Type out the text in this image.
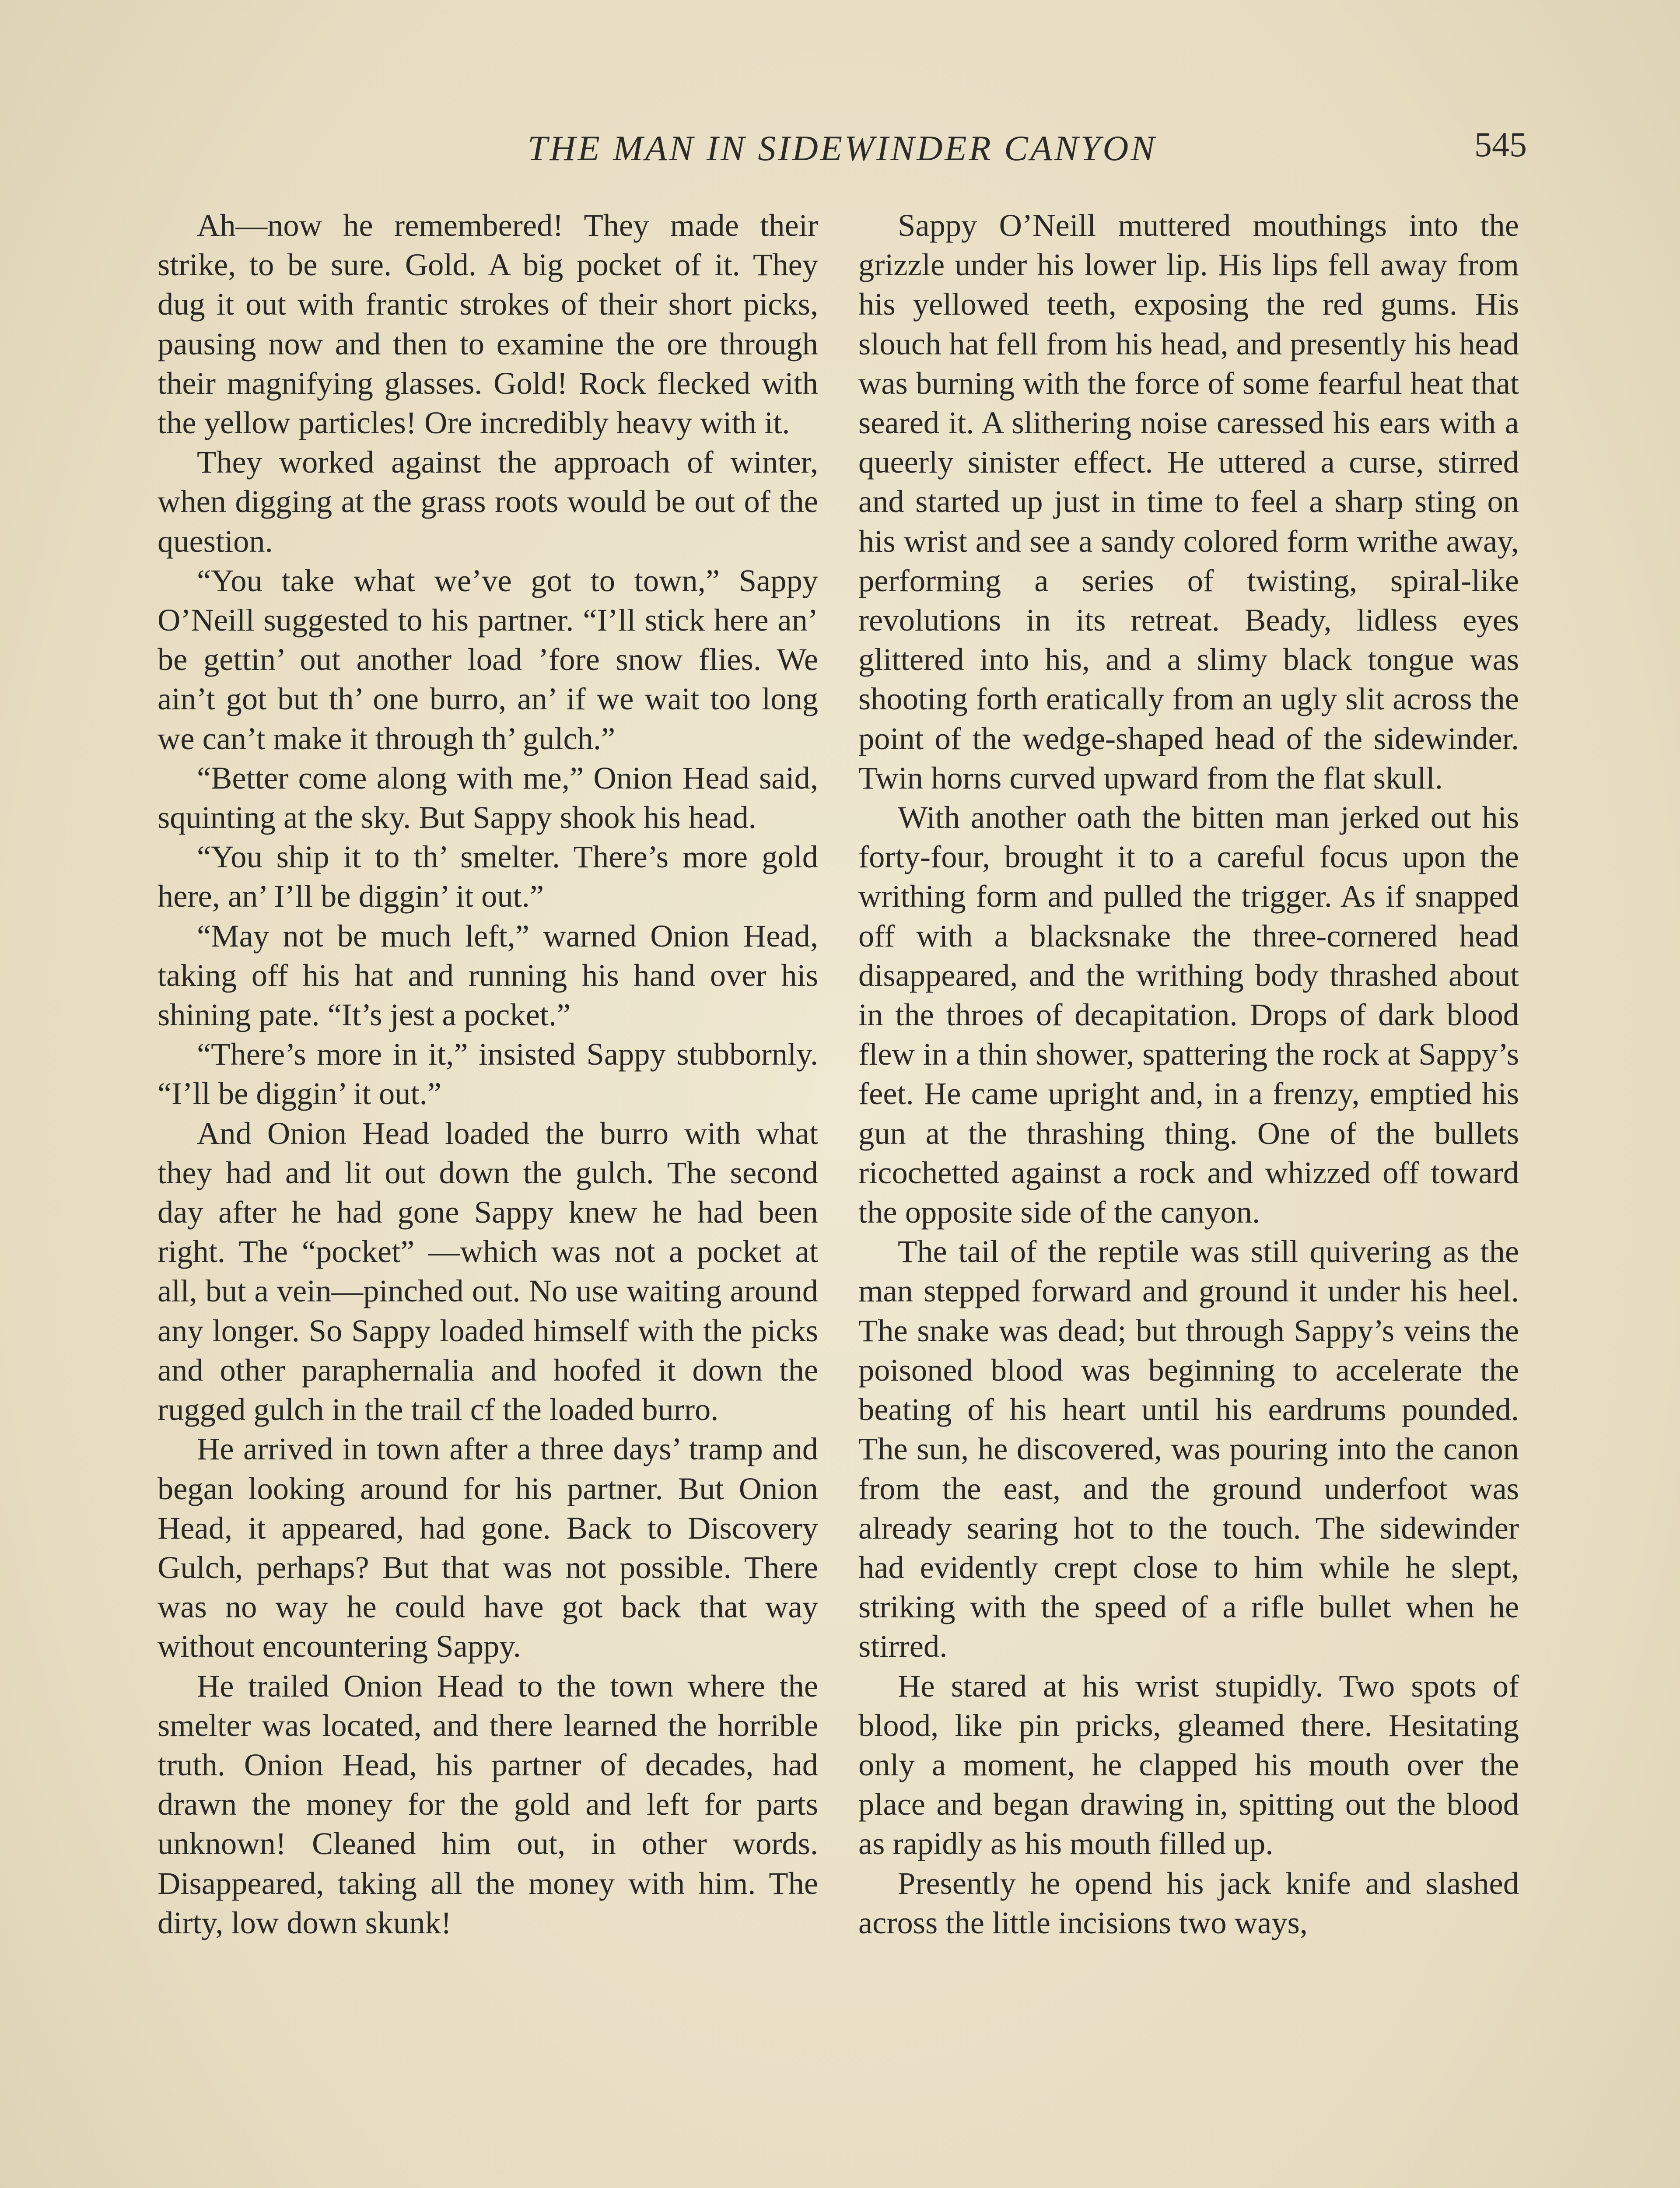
THE MAN IN SIDEWINDER CANYON	545

Ah—now he remembered! They made their strike, to be sure. Gold. A big pocket of it. They dug it out with frantic strokes of their short picks, pausing now and then to examine the ore through their magnifying glasses. Gold! Rock flecked with the yellow particles! Ore incredibly heavy with it.

They worked against the approach of winter, when digging at the grass roots would be out of the question.

“You take what we’ve got to town,” Sappy O’Neill suggested to his partner. “I’ll stick here an’ be gettin’ out another load ’fore snow flies. We ain’t got but th’ one burro, an’ if we wait too long we can’t make it through th’ gulch.”

“Better come along with me,” Onion Head said, squinting at the sky. But Sappy shook his head.

“You ship it to th’ smelter. There’s more gold here, an’ I’ll be diggin’ it out.”

“May not be much left,” warned Onion Head, taking off his hat and running his hand over his shining pate. “It’s jest a pocket.”

“There’s more in it,” insisted Sappy stubbornly. “I’ll be diggin’ it out.”

And Onion Head loaded the burro with what they had and lit out down the gulch. The second day after he had gone Sappy knew he had been right. The “pocket” —which was not a pocket at all, but a vein—pinched out. No use waiting around any longer. So Sappy loaded himself with the picks and other paraphernalia and hoofed it down the rugged gulch in the trail cf the loaded burro.

He arrived in town after a three days’ tramp and began looking around for his partner. But Onion Head, it appeared, had gone. Back to Discovery Gulch, perhaps? But that was not possible. There was no way he could have got back that way without encountering Sappy.

He trailed Onion Head to the town where the smelter was located, and there learned the horrible truth. Onion Head, his partner of decades, had drawn the money for the gold and left for parts unknown! Cleaned him out, in other words. Disappeared, taking all the money with him. The dirty, low down skunk!

Sappy O’Neill muttered mouthings into the grizzle under his lower lip. His lips fell away from his yellowed teeth, exposing the red gums. His slouch hat fell from his head, and presently his head was burning with the force of some fearful heat that seared it. A slithering noise caressed his ears with a queerly sinister effect. He uttered a curse, stirred and started up just in time to feel a sharp sting on his wrist and see a sandy colored form writhe away, performing a series of twisting, spiral-like revolutions in its retreat. Beady, lidless eyes glittered into his, and a slimy black tongue was shooting forth eratically from an ugly slit across the point of the wedge-shaped head of the sidewinder. Twin horns curved upward from the flat skull.

With another oath the bitten man jerked out his forty-four, brought it to a careful focus upon the writhing form and pulled the trigger. As if snapped off with a blacksnake the three-cornered head disappeared, and the writhing body thrashed about in the throes of decapitation. Drops of dark blood flew in a thin shower, spattering the rock at Sappy’s feet. He came upright and, in a frenzy, emptied his gun at the thrashing thing. One of the bullets ricochetted against a rock and whizzed off toward the opposite side of the canyon.

The tail of the reptile was still quivering as the man stepped forward and ground it under his heel. The snake was dead; but through Sappy’s veins the poisoned blood was beginning to accelerate the beating of his heart until his eardrums pounded. The sun, he discovered, was pouring into the canon from the east, and the ground underfoot was already searing hot to the touch. The sidewinder had evidently crept close to him while he slept, striking with the speed of a rifle bullet when he stirred.

He stared at his wrist stupidly. Two spots of blood, like pin pricks, gleamed there. Hesitating only a moment, he clapped his mouth over the place and began drawing in, spitting out the blood as rapidly as his mouth filled up.

Presently he opend his jack knife and slashed across the little incisions two ways,
